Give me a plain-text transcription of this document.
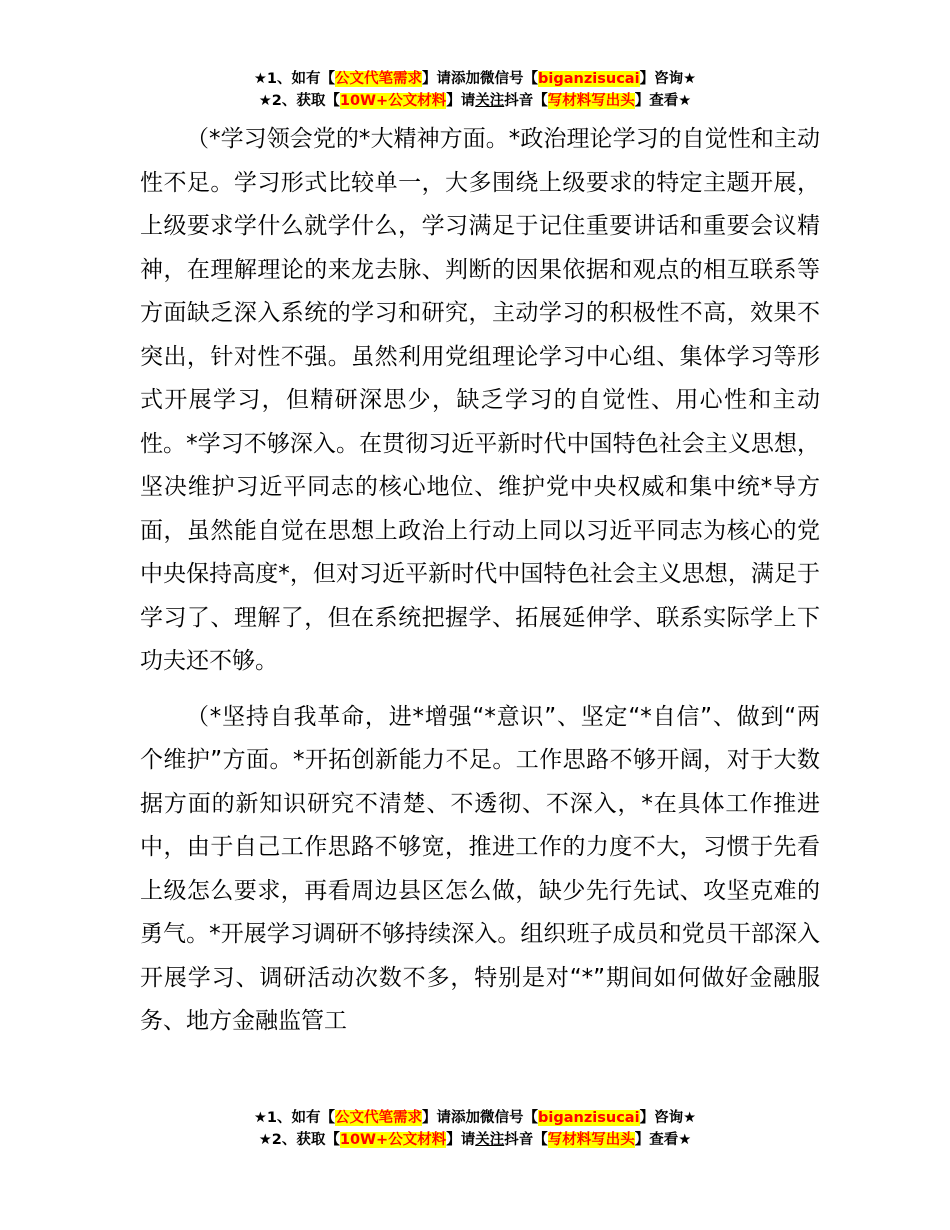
★1、如有【公文代笔需求】请添加微信号【biganzisucai】咨询★
★2、获取【10W+公文材料】请关注抖音【写材料写出头】查看★

（*学习领会党的*大精神方面。*政治理论学习的自觉性和主动性不足。学习形式比较单一，大多围绕上级要求的特定主题开展，上级要求学什么就学什么，学习满足于记住重要讲话和重要会议精神，在理解理论的来龙去脉、判断的因果依据和观点的相互联系等方面缺乏深入系统的学习和研究，主动学习的积极性不高，效果不突出，针对性不强。虽然利用党组理论学习中心组、集体学习等形式开展学习，但精研深思少，缺乏学习的自觉性、用心性和主动性。*学习不够深入。在贯彻习近平新时代中国特色社会主义思想，坚决维护习近平同志的核心地位、维护党中央权威和集中统*导方面，虽然能自觉在思想上政治上行动上同以习近平同志为核心的党中央保持高度*，但对习近平新时代中国特色社会主义思想，满足于学习了、理解了，但在系统把握学、拓展延伸学、联系实际学上下功夫还不够。

（*坚持自我革命，进*增强“*意识”、坚定“*自信”、做到“两个维护”方面。*开拓创新能力不足。工作思路不够开阔，对于大数据方面的新知识研究不清楚、不透彻、不深入，*在具体工作推进中，由于自己工作思路不够宽，推进工作的力度不大，习惯于先看上级怎么要求，再看周边县区怎么做，缺少先行先试、攻坚克难的勇气。*开展学习调研不够持续深入。组织班子成员和党员干部深入开展学习、调研活动次数不多，特别是对“*”期间如何做好金融服务、地方金融监管工

★1、如有【公文代笔需求】请添加微信号【biganzisucai】咨询★
★2、获取【10W+公文材料】请关注抖音【写材料写出头】查看★
